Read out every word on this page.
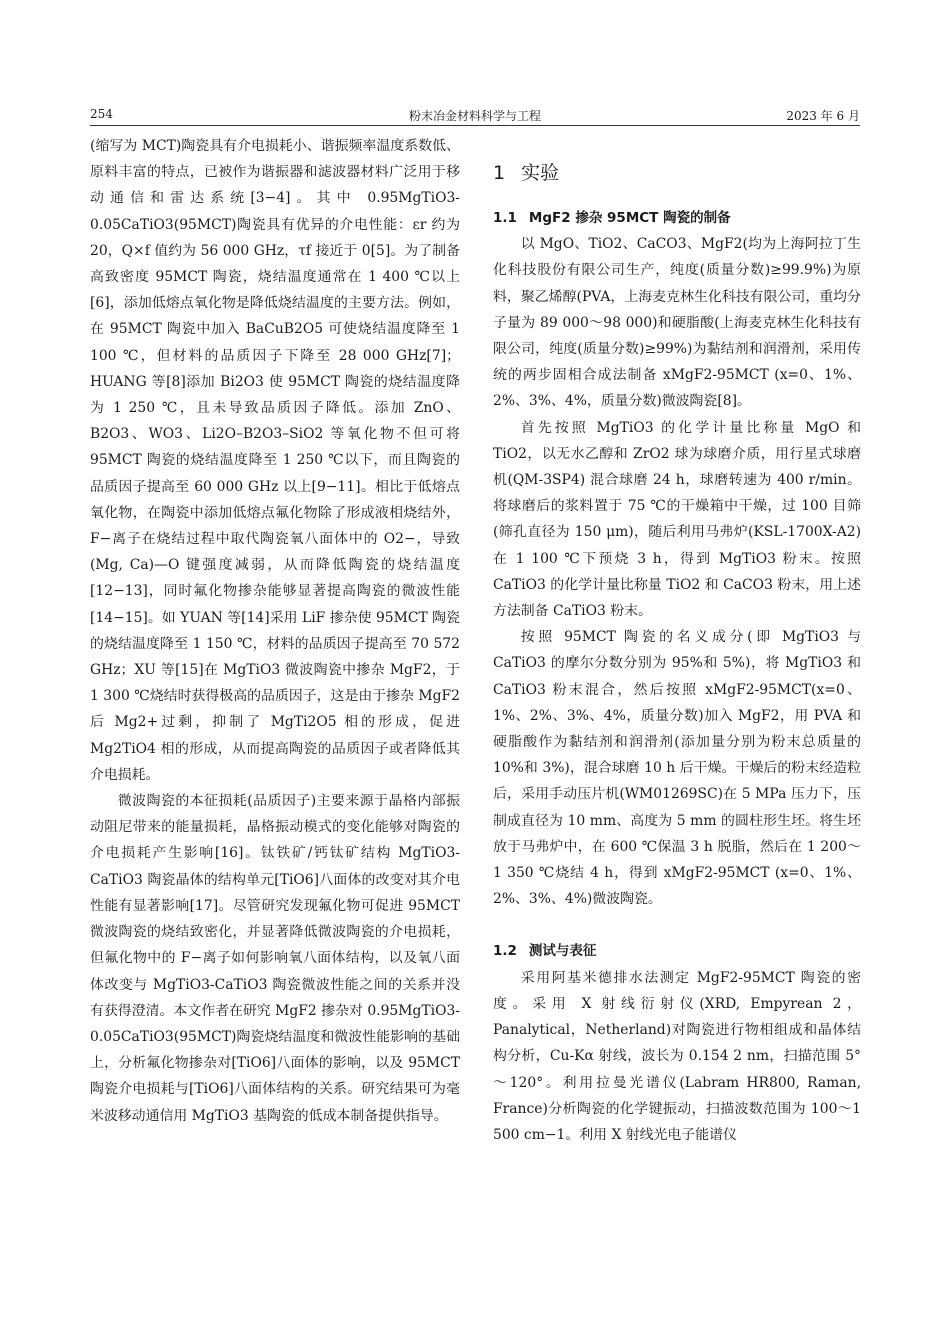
254	粉末冶金材料科学与工程	2023 年 6 月

(缩写为 MCT)陶瓷具有介电损耗小、谐振频率温度系数低、原料丰富的特点，已被作为谐振器和滤波器材料广泛用于移动通信和雷达系统[3−4]。其中 0.95MgTiO3-0.05CaTiO3(95MCT)陶瓷具有优异的介电性能：εr 约为 20，Q×f 值约为 56 000 GHz，τf 接近于 0[5]。为了制备高致密度 95MCT 陶瓷，烧结温度通常在 1 400 ℃以上[6]，添加低熔点氧化物是降低烧结温度的主要方法。例如，在 95MCT 陶瓷中加入 BaCuB2O5 可使烧结温度降至 1 100 ℃，但材料的品质因子下降至 28 000 GHz[7]；HUANG 等[8]添加 Bi2O3 使 95MCT 陶瓷的烧结温度降为 1 250 ℃，且未导致品质因子降低。添加 ZnO、B2O3、WO3、Li2O–B2O3–SiO2 等氧化物不但可将 95MCT 陶瓷的烧结温度降至 1 250 ℃以下，而且陶瓷的品质因子提高至 60 000 GHz 以上[9−11]。相比于低熔点氧化物，在陶瓷中添加低熔点氟化物除了形成液相烧结外，F−离子在烧结过程中取代陶瓷氧八面体中的 O2−，导致(Mg, Ca)—O 键强度减弱，从而降低陶瓷的烧结温度[12−13]，同时氟化物掺杂能够显著提高陶瓷的微波性能[14−15]。如 YUAN 等[14]采用 LiF 掺杂使 95MCT 陶瓷的烧结温度降至 1 150 ℃，材料的品质因子提高至 70 572 GHz；XU 等[15]在 MgTiO3 微波陶瓷中掺杂 MgF2，于 1 300 ℃烧结时获得极高的品质因子，这是由于掺杂 MgF2 后 Mg2+过剩，抑制了 MgTi2O5 相的形成，促进 Mg2TiO4 相的形成，从而提高陶瓷的品质因子或者降低其介电损耗。

微波陶瓷的本征损耗(品质因子)主要来源于晶格内部振动阻尼带来的能量损耗，晶格振动模式的变化能够对陶瓷的介电损耗产生影响[16]。钛铁矿/钙钛矿结构 MgTiO3-CaTiO3 陶瓷晶体的结构单元[TiO6]八面体的改变对其介电性能有显著影响[17]。尽管研究发现氟化物可促进 95MCT 微波陶瓷的烧结致密化，并显著降低微波陶瓷的介电损耗，但氟化物中的 F−离子如何影响氧八面体结构，以及氧八面体改变与 MgTiO3-CaTiO3 陶瓷微波性能之间的关系并没有获得澄清。本文作者在研究 MgF2 掺杂对 0.95MgTiO3-0.05CaTiO3(95MCT)陶瓷烧结温度和微波性能影响的基础上，分析氟化物掺杂对[TiO6]八面体的影响，以及 95MCT 陶瓷介电损耗与[TiO6]八面体结构的关系。研究结果可为毫米波移动通信用 MgTiO3 基陶瓷的低成本制备提供指导。

1 实验

1.1 MgF2 掺杂 95MCT 陶瓷的制备

以 MgO、TiO2、CaCO3、MgF2(均为上海阿拉丁生化科技股份有限公司生产，纯度(质量分数)≥99.9%)为原料，聚乙烯醇(PVA，上海麦克林生化科技有限公司，重均分子量为 89 000～98 000)和硬脂酸(上海麦克林生化科技有限公司，纯度(质量分数)≥99%)为黏结剂和润滑剂，采用传统的两步固相合成法制备 xMgF2-95MCT (x=0、1%、2%、3%、4%，质量分数)微波陶瓷[8]。

首先按照 MgTiO3 的化学计量比称量 MgO 和 TiO2，以无水乙醇和 ZrO2 球为球磨介质，用行星式球磨机(QM-3SP4) 混合球磨 24 h，球磨转速为 400 r/min。将球磨后的浆料置于 75 ℃的干燥箱中干燥，过 100 目筛(筛孔直径为 150 μm)，随后利用马弗炉(KSL-1700X-A2)在 1 100 ℃下预烧 3 h，得到 MgTiO3 粉末。按照 CaTiO3 的化学计量比称量 TiO2 和 CaCO3 粉末，用上述方法制备 CaTiO3 粉末。

按照 95MCT 陶瓷的名义成分(即 MgTiO3 与 CaTiO3 的摩尔分数分别为 95%和 5%)，将 MgTiO3 和 CaTiO3 粉末混合，然后按照 xMgF2-95MCT(x=0、1%、2%、3%、4%，质量分数)加入 MgF2，用 PVA 和硬脂酸作为黏结剂和润滑剂(添加量分别为粉末总质量的 10%和 3%)，混合球磨 10 h 后干燥。干燥后的粉末经造粒后，采用手动压片机(WM01269SC)在 5 MPa 压力下，压制成直径为 10 mm、高度为 5 mm 的圆柱形生坯。将生坯放于马弗炉中，在 600 ℃保温 3 h 脱脂，然后在 1 200～1 350 ℃烧结 4 h，得到 xMgF2-95MCT (x=0、1%、2%、3%、4%)微波陶瓷。

1.2 测试与表征

采用阿基米德排水法测定 MgF2-95MCT 陶瓷的密度。采用 X 射线衍射仪(XRD, Empyrean 2，Panalytical，Netherland)对陶瓷进行物相组成和晶体结构分析，Cu-Kα 射线，波长为 0.154 2 nm，扫描范围 5°～120°。利用拉曼光谱仪(Labram HR800, Raman, France)分析陶瓷的化学键振动，扫描波数范围为 100～1 500 cm−1。利用 X 射线光电子能谱仪
